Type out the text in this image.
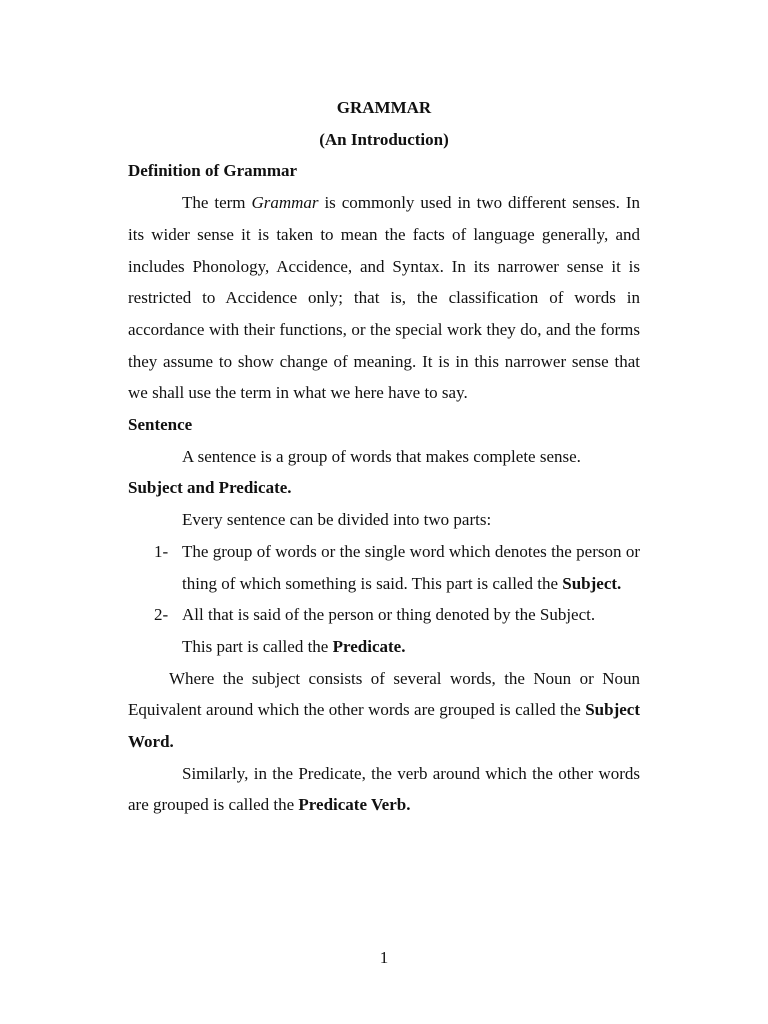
GRAMMAR
(An Introduction)
Definition of Grammar

The term Grammar is commonly used in two different senses. In its wider sense it is taken to mean the facts of language generally, and includes Phonology, Accidence, and Syntax. In its narrower sense it is restricted to Accidence only; that is, the classification of words in accordance with their functions, or the special work they do, and the forms they assume to show change of meaning. It is in this narrower sense that we shall use the term in what we here have to say.

Sentence

A sentence is a group of words that makes complete sense.

Subject and Predicate.

Every sentence can be divided into two parts:

1- The group of words or the single word which denotes the person or thing of which something is said. This part is called the Subject.
2- All that is said of the person or thing denoted by the Subject.
This part is called the Predicate.

Where the subject consists of several words, the Noun or Noun Equivalent around which the other words are grouped is called the Subject Word.

Similarly, in the Predicate, the verb around which the other words are grouped is called the Predicate Verb.

1
